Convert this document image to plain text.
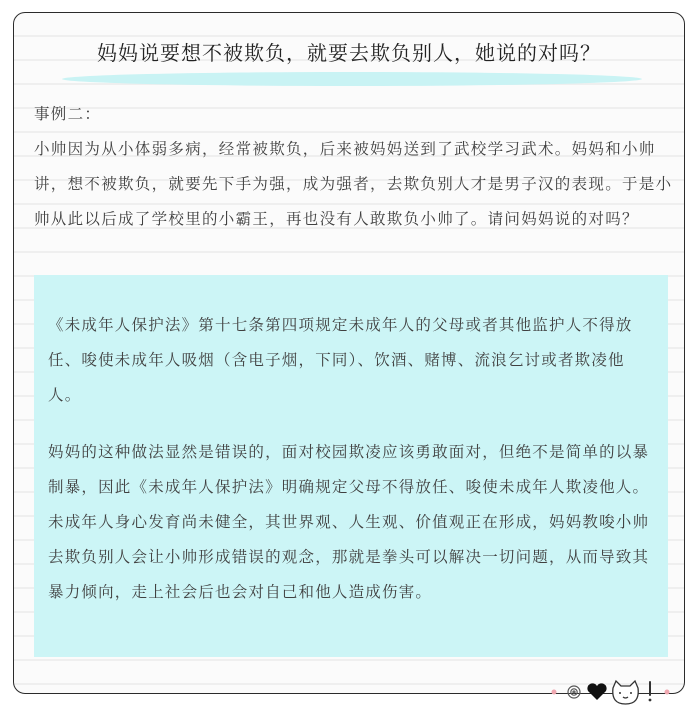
妈妈说要想不被欺负，就要去欺负别人，她说的对吗？

事例二：

小帅因为从小体弱多病，经常被欺负，后来被妈妈送到了武校学习武术。妈妈和小帅讲，想不被欺负，就要先下手为强，成为强者，去欺负别人才是男子汉的表现。于是小帅从此以后成了学校里的小霸王，再也没有人敢欺负小帅了。请问妈妈说的对吗？

《未成年人保护法》第十七条第四项规定未成年人的父母或者其他监护人不得放任、唆使未成年人吸烟（含电子烟，下同）、饮酒、赌博、流浪乞讨或者欺凌他人。

妈妈的这种做法显然是错误的，面对校园欺凌应该勇敢面对，但绝不是简单的以暴制暴，因此《未成年人保护法》明确规定父母不得放任、唆使未成年人欺凌他人。未成年人身心发育尚未健全，其世界观、人生观、价值观正在形成，妈妈教唆小帅去欺负别人会让小帅形成错误的观念，那就是拳头可以解决一切问题，从而导致其暴力倾向，走上社会后也会对自己和他人造成伤害。
